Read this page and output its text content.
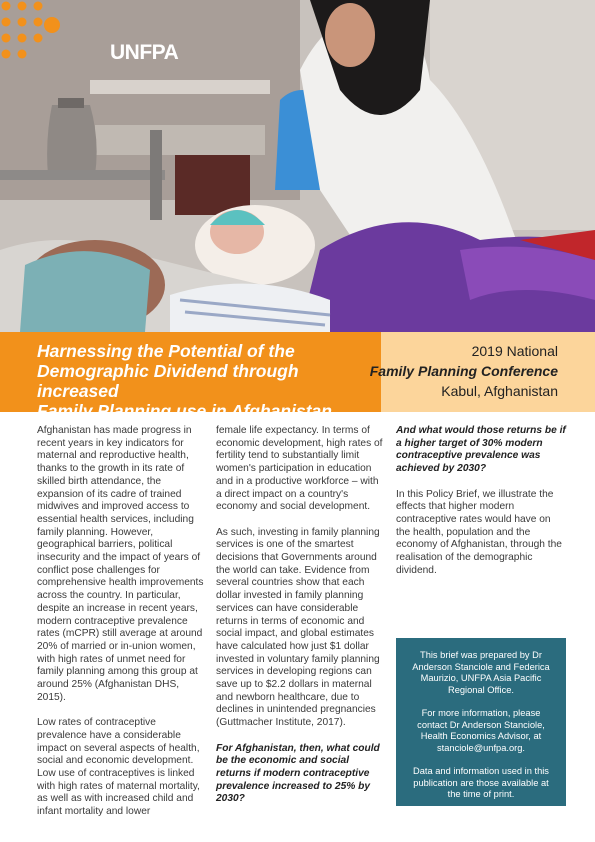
UNFPA
Harnessing the Potential of the
Demographic Dividend through increased
Family Planning use in Afghanistan
2019 National
Family Planning Conference
Kabul, Afghanistan

Afghanistan has made progress in recent years in key indicators for maternal and reproductive health, thanks to the growth in its rate of skilled birth attendance, the expansion of its cadre of trained midwives and improved access to essential health services, including family planning. However, geographical barriers, political insecurity and the impact of years of conflict pose challenges for comprehensive health improvements across the country. In particular, despite an increase in recent years, modern contraceptive prevalence rates (mCPR) still average at around 20% of married or in-union women, with high rates of unmet need for family planning among this group at around 25% (Afghanistan DHS, 2015).

Low rates of contraceptive prevalence have a considerable impact on several aspects of health, social and economic development. Low use of contraceptives is linked with high rates of maternal mortality, as well as with increased child and infant mortality and lower

female life expectancy. In terms of economic development, high rates of fertility tend to substantially limit women's participation in education and in a productive workforce – with a direct impact on a country's economy and social development.

As such, investing in family planning services is one of the smartest decisions that Governments around the world can take. Evidence from several countries show that each dollar invested in family planning services can have considerable returns in terms of economic and social impact, and global estimates have calculated how just $1 dollar invested in voluntary family planning services in developing regions can save up to $2.2 dollars in maternal and newborn healthcare, due to declines in unintended pregnancies (Guttmacher Institute, 2017).

For Afghanistan, then, what could be the economic and social returns if modern contraceptive prevalence increased to 25% by 2030?

And what would those returns be if a higher target of 30% modern contraceptive prevalence was achieved by 2030?

In this Policy Brief, we illustrate the effects that higher modern contraceptive rates would have on the health, population and the economy of Afghanistan, through the realisation of the demographic dividend.

This brief was prepared by Dr Anderson Stanciole and Federica Maurizio, UNFPA Asia Pacific Regional Office.

For more information, please contact Dr Anderson Stanciole, Health Economics Advisor, at stanciole@unfpa.org.

Data and information used in this publication are those available at the time of print.
